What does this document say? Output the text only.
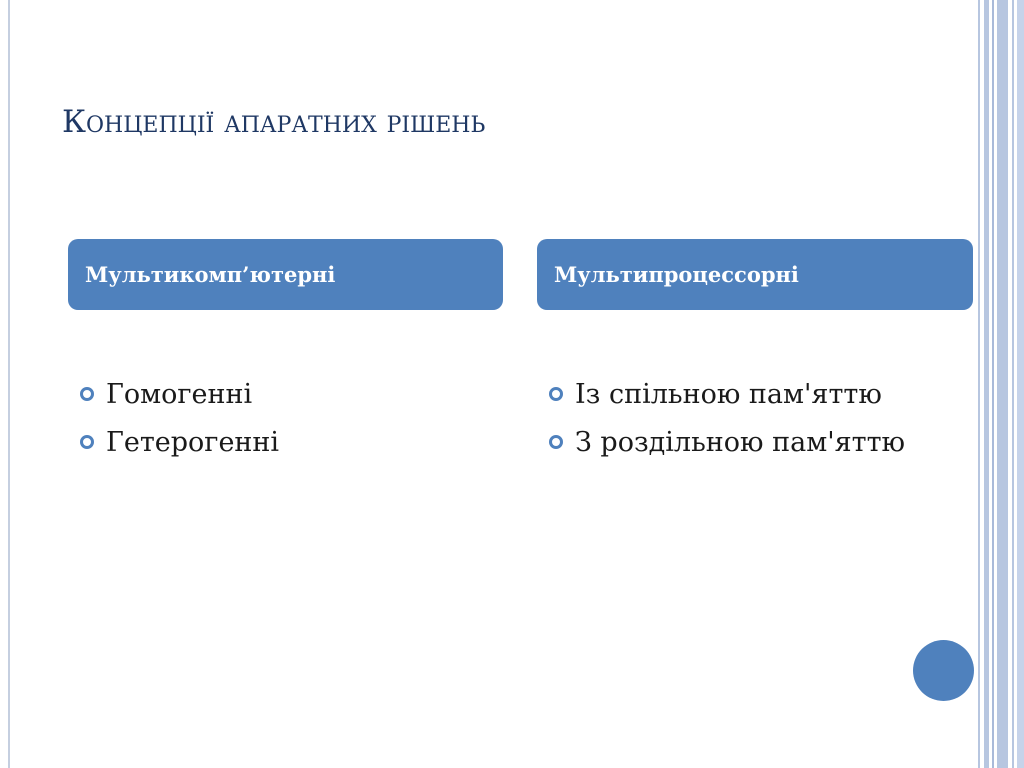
Концепції апаратних рішень
Мультикомп’ютерні	Мультипроцессорні
Гомогенні
Гетерогенні
Із спільною пам'яттю
З роздільною пам'яттю
